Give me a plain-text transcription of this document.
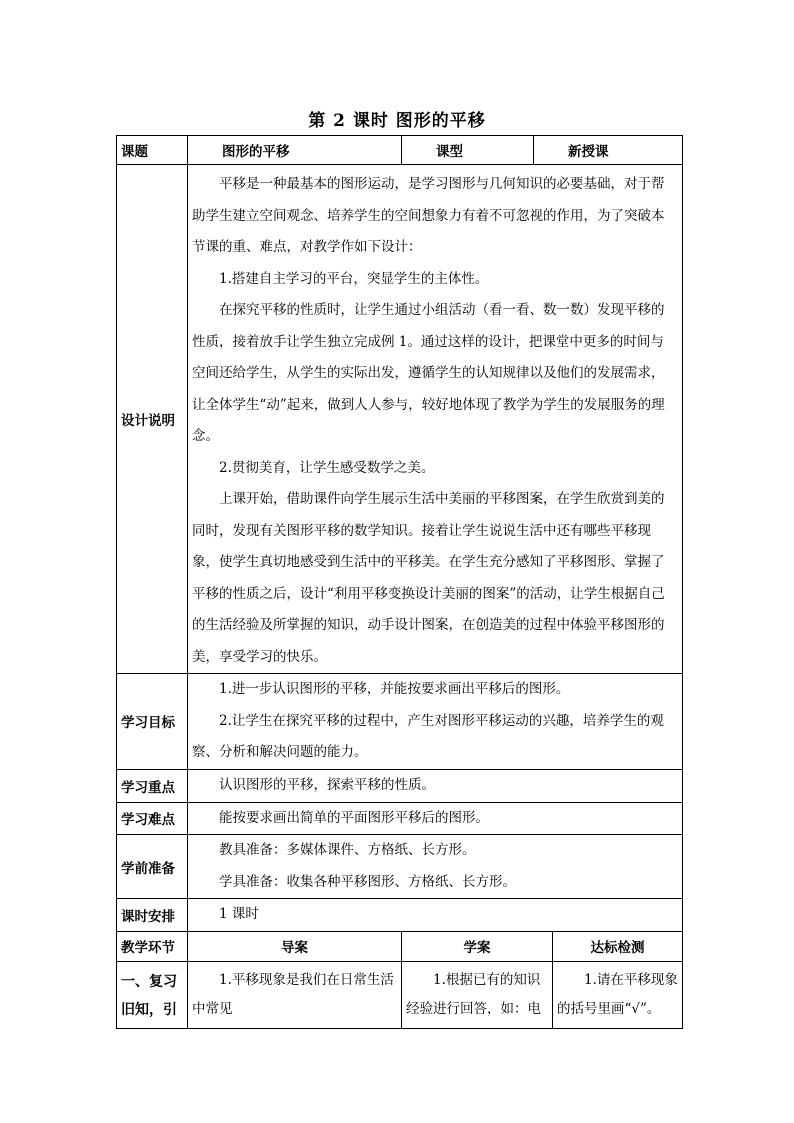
第 2 课时 图形的平移
课题	图形的平移	课型	新授课	
设计说明	平移是一种最基本的图形运动，是学习图形与几何知识的必要基础，对于帮助学生建立空间观念、培养学生的空间想象力有着不可忽视的作用，为了突破本节课的重、难点，对教学作如下设计：

1.搭建自主学习的平台，突显学生的主体性。

在探究平移的性质时，让学生通过小组活动（看一看、数一数）发现平移的性质，接着放手让学生独立完成例 1。通过这样的设计，把课堂中更多的时间与空间还给学生，从学生的实际出发，遵循学生的认知规律以及他们的发展需求，让全体学生“动”起来，做到人人参与，较好地体现了教学为学生的发展服务的理念。

2.贯彻美育，让学生感受数学之美。

上课开始，借助课件向学生展示生活中美丽的平移图案，在学生欣赏到美的同时，发现有关图形平移的数学知识。接着让学生说说生活中还有哪些平移现象，使学生真切地感受到生活中的平移美。在学生充分感知了平移图形、掌握了平移的性质之后，设计“利用平移变换设计美丽的图案”的活动，让学生根据自己的生活经验及所掌握的知识，动手设计图案，在创造美的过程中体验平移图形的美，享受学习的快乐。			

学习目标	1.进一步认识图形的平移，并能按要求画出平移后的图形。

2.让学生在探究平移的过程中，产生对图形平移运动的兴趣，培养学生的观察、分析和解决问题的能力。			

学习重点	认识图形的平移，探索平移的性质。			

学习难点	能按要求画出简单的平面图形平移后的图形。			

学前准备	教具准备：多媒体课件、方格纸、长方形。

学具准备：收集各种平移图形、方格纸、长方形。			

课时安排	1 课时			

教学环节	导案	学案		达标检测
一、复习旧知，引	1.平移现象是我们在日常生活中常见	1.根据已有的知识经验进行回答，如：电		1.请在平移现象的括号里画“√”。
